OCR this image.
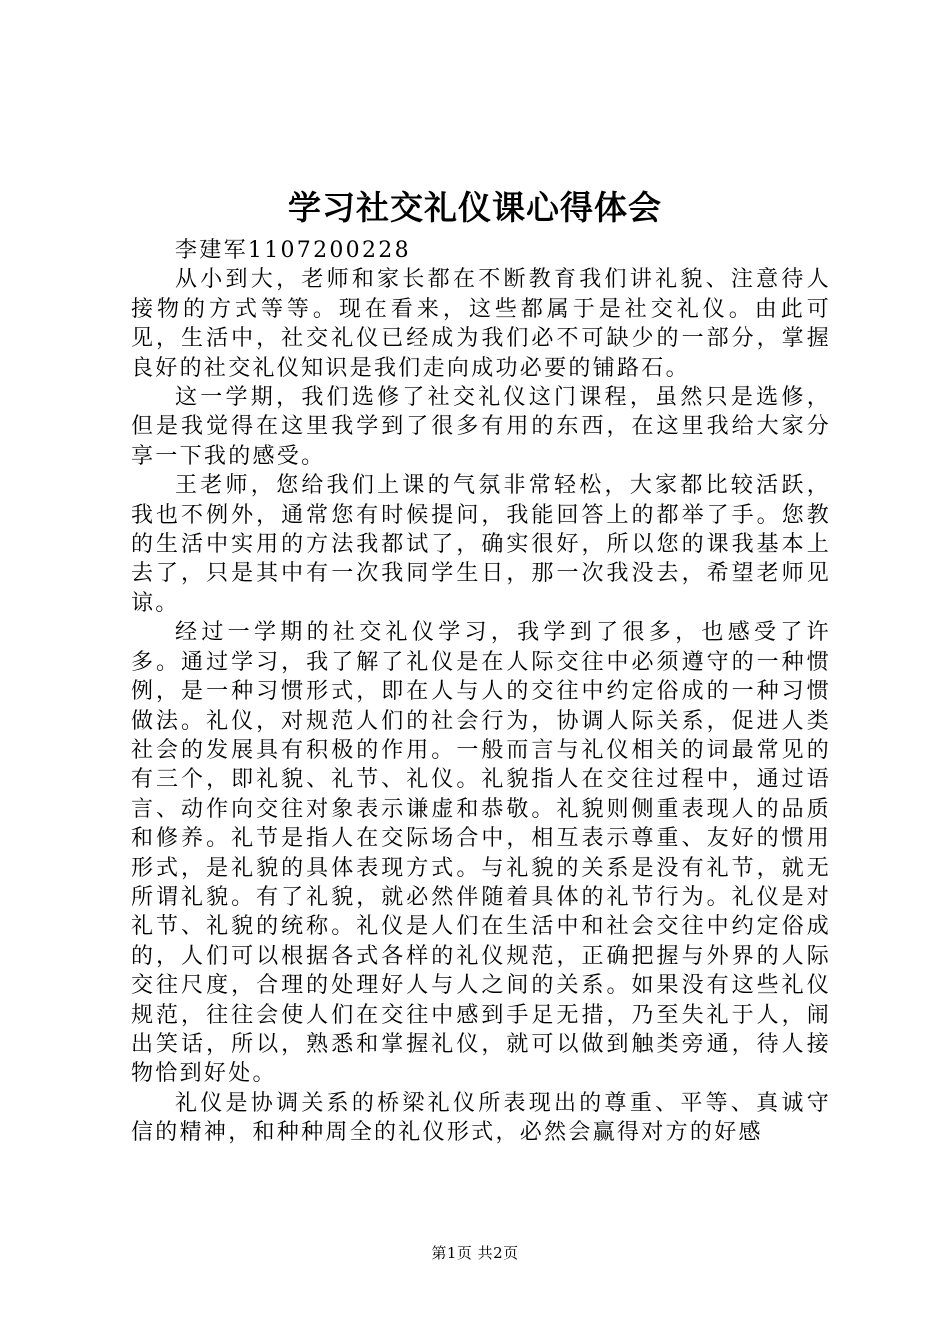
学习社交礼仪课心得体会

李建军1107200228

从小到大，老师和家长都在不断教育我们讲礼貌、注意待人接物的方式等等。现在看来，这些都属于是社交礼仪。由此可见，生活中，社交礼仪已经成为我们必不可缺少的一部分，掌握良好的社交礼仪知识是我们走向成功必要的铺路石。

这一学期，我们选修了社交礼仪这门课程，虽然只是选修，但是我觉得在这里我学到了很多有用的东西，在这里我给大家分享一下我的感受。

王老师，您给我们上课的气氛非常轻松，大家都比较活跃，我也不例外，通常您有时候提问，我能回答上的都举了手。您教的生活中实用的方法我都试了，确实很好，所以您的课我基本上去了，只是其中有一次我同学生日，那一次我没去，希望老师见谅。

经过一学期的社交礼仪学习，我学到了很多，也感受了许多。通过学习，我了解了礼仪是在人际交往中必须遵守的一种惯例，是一种习惯形式，即在人与人的交往中约定俗成的一种习惯做法。礼仪，对规范人们的社会行为，协调人际关系，促进人类社会的发展具有积极的作用。一般而言与礼仪相关的词最常见的有三个，即礼貌、礼节、礼仪。礼貌指人在交往过程中，通过语言、动作向交往对象表示谦虚和恭敬。礼貌则侧重表现人的品质和修养。礼节是指人在交际场合中，相互表示尊重、友好的惯用形式，是礼貌的具体表现方式。与礼貌的关系是没有礼节，就无所谓礼貌。有了礼貌，就必然伴随着具体的礼节行为。礼仪是对礼节、礼貌的统称。礼仪是人们在生活中和社会交往中约定俗成的，人们可以根据各式各样的礼仪规范，正确把握与外界的人际交往尺度，合理的处理好人与人之间的关系。如果没有这些礼仪规范，往往会使人们在交往中感到手足无措，乃至失礼于人，闹出笑话，所以，熟悉和掌握礼仪，就可以做到触类旁通，待人接物恰到好处。

礼仪是协调关系的桥梁礼仪所表现出的尊重、平等、真诚守信的精神，和种种周全的礼仪形式，必然会赢得对方的好感

第1页 共2页
